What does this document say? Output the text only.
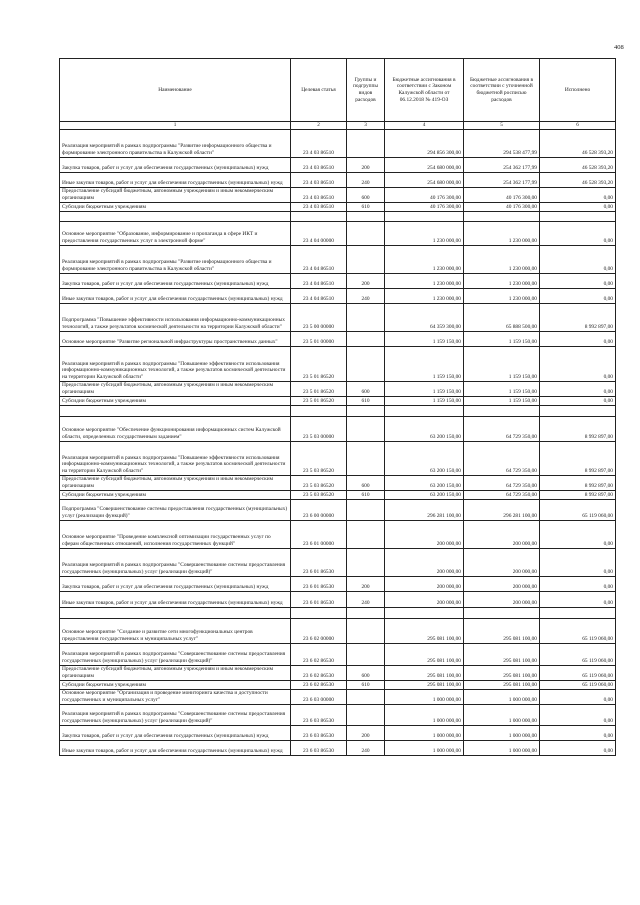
408
Наименование	Целевая статья	Группы и подгруппы видов расходов	Бюджетные ассигнования в соответствии с Законом Калужской области от 06.12.2018 № 419-ОЗ	Бюджетные ассигнования в соответствии с уточненной бюджетной росписью расходов	Исполнено
1	2	3	4	5	6
Реализация мероприятий в рамках подпрограммы "Развитие информационного общества и формирование электронного правительства в Калужской области"	23 4 03 86510		294 856 300,00	294 538 477,99	46 528 393,20
Закупка товаров, работ и услуг для обеспечения государственных (муниципальных) нужд	23 4 03 86510	200	254 680 000,00	254 362 177,99	46 528 393,20
Иные закупки товаров, работ и услуг для обеспечения государственных (муниципальных) нужд	23 4 03 86510	240	254 680 000,00	254 362 177,99	46 528 393,20
Предоставление субсидий бюджетным, автономным учреждениям и иным некоммерческим организациям	23 4 03 86510	600	40 176 300,00	40 176 300,00	0,00
Субсидии бюджетным учреждениям	23 4 03 86510	610	40 176 300,00	40 176 300,00	0,00

Основное мероприятие "Образование, информирование и пропаганда в сфере ИКТ и предоставления государственных услуг в электронной форме"	23 4 04 00000		1 230 000,00	1 230 000,00	0,00
Реализация мероприятий в рамках подпрограммы "Развитие информационного общества и формирование электронного правительства в Калужской области"	23 4 04 86510		1 230 000,00	1 230 000,00	0,00
Закупка товаров, работ и услуг для обеспечения государственных (муниципальных) нужд	23 4 04 86510	200	1 230 000,00	1 230 000,00	0,00
Иные закупки товаров, работ и услуг для обеспечения государственных (муниципальных) нужд	23 4 04 86510	240	1 230 000,00	1 230 000,00	0,00
Подпрограмма "Повышение эффективности использования информационно-коммуникационных технологий, а также результатов космической деятельности на территории Калужской области"	23 5 00 00000		64 359 300,00	65 888 500,00	8 992 897,00
Основное мероприятие "Развитие региональной инфраструктуры пространственных данных"	23 5 01 00000		1 159 150,00	1 159 150,00	0,00
Реализация мероприятий в рамках подпрограммы "Повышение эффективности использования информационно-коммуникационных технологий, а также результатов космической деятельности на территории Калужской области"	23 5 01 86520		1 159 150,00	1 159 150,00	0,00
Предоставление субсидий бюджетным, автономным учреждениям и иным некоммерческим организациям	23 5 01 86520	600	1 159 150,00	1 159 150,00	0,00
Субсидии бюджетным учреждениям	23 5 01 86520	610	1 159 150,00	1 159 150,00	0,00

Основное мероприятие "Обеспечение функционирования информационных систем Калужской области, определенных государственным заданием"	23 5 03 00000		63 200 150,00	64 729 350,00	8 992 897,00
Реализация мероприятий в рамках подпрограммы "Повышение эффективности использования информационно-коммуникационных технологий, а также результатов космической деятельности на территории Калужской области"	23 5 03 86520		63 200 150,00	64 729 350,00	8 992 897,00
Предоставление субсидий бюджетным, автономным учреждениям и иным некоммерческим организациям	23 5 03 86520	600	63 200 150,00	64 729 350,00	8 992 897,00
Субсидии бюджетным учреждениям	23 5 03 86520	610	63 200 150,00	64 729 350,00	8 992 897,00
Подпрограмма "Совершенствование системы предоставления государственных (муниципальных) услуг (реализации функций)"	23 6 00 00000		296 281 100,00	296 281 100,00	65 119 060,00
Основное мероприятие "Проведение комплексной оптимизации государственных услуг по сферам общественных отношений, исполнения государственных функций"	23 6 01 00000		200 000,00	200 000,00	0,00
Реализация мероприятий в рамках подпрограммы "Совершенствование системы предоставления государственных (муниципальных) услуг (реализации функций)"	23 6 01 86530		200 000,00	200 000,00	0,00
Закупка товаров, работ и услуг для обеспечения государственных (муниципальных) нужд	23 6 01 86530	200	200 000,00	200 000,00	0,00
Иные закупки товаров, работ и услуг для обеспечения государственных (муниципальных) нужд	23 6 01 86530	240	200 000,00	200 000,00	0,00

Основное мероприятие "Создание и развитие сети многофункциональных центров предоставления государственных и муниципальных услуг"	23 6 02 00000		295 081 100,00	295 081 100,00	65 119 060,00
Реализация мероприятий в рамках подпрограммы "Совершенствование системы предоставления государственных (муниципальных) услуг (реализации функций)"	23 6 02 86530		295 081 100,00	295 081 100,00	65 119 060,00
Предоставление субсидий бюджетным, автономным учреждениям и иным некоммерческим организациям	23 6 02 86530	600	295 081 100,00	295 081 100,00	65 119 060,00
Субсидии бюджетным учреждениям	23 6 02 86530	610	295 081 100,00	295 081 100,00	65 119 060,00
Основное мероприятие "Организация и проведение мониторинга качества и доступности государственных и муниципальных услуг"	23 6 03 00000		1 000 000,00	1 000 000,00	0,00
Реализация мероприятий в рамках подпрограммы "Совершенствование системы предоставления государственных (муниципальных) услуг (реализации функций)"	23 6 03 86530		1 000 000,00	1 000 000,00	0,00
Закупка товаров, работ и услуг для обеспечения государственных (муниципальных) нужд	23 6 03 86530	200	1 000 000,00	1 000 000,00	0,00
Иные закупки товаров, работ и услуг для обеспечения государственных (муниципальных) нужд	23 6 03 86530	240	1 000 000,00	1 000 000,00	0,00
